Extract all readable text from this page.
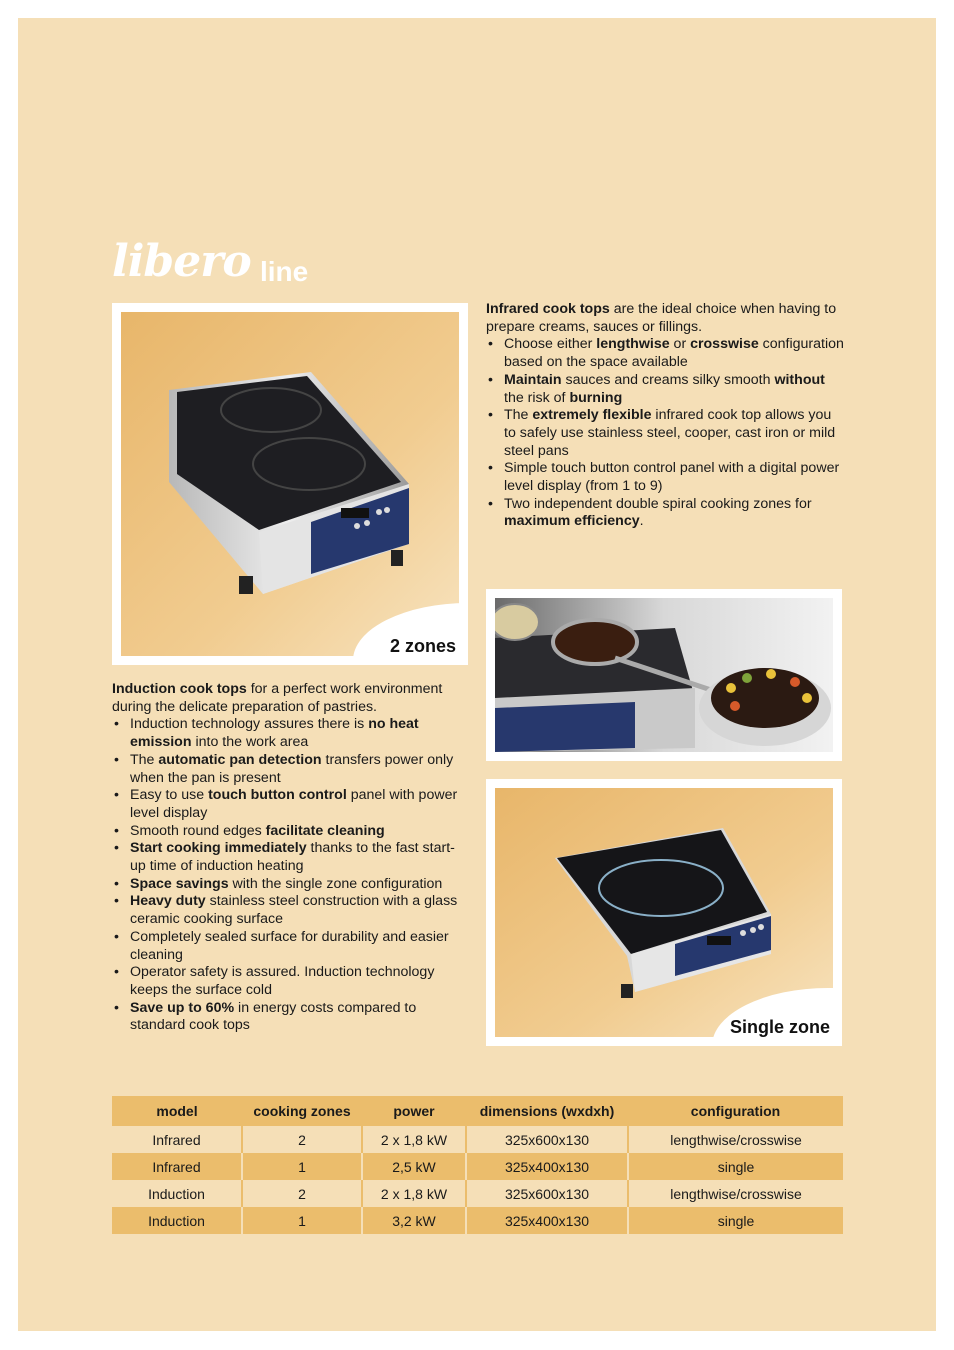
libero line
2 zones

Infrared cook tops are the ideal choice when having to prepare creams, sauces or fillings.

• Choose either lengthwise or crosswise configuration based on the space available
• Maintain sauces and creams silky smooth without the risk of burning
• The extremely flexible infrared cook top allows you to safely use stainless steel, cooper, cast iron or mild steel pans
• Simple touch button control panel with a digital power level display (from 1 to 9)
• Two independent double spiral cooking zones for maximum efficiency.
Single zone

Induction cook tops for a perfect work environment during the delicate preparation of pastries.

• Induction technology assures there is no heat emission into the work area
• The automatic pan detection transfers power only when the pan is present
• Easy to use touch button control panel with power level display
• Smooth round edges facilitate cleaning
• Start cooking immediately thanks to the fast start-up time of induction heating
• Space savings with the single zone configuration
• Heavy duty stainless steel construction with a glass ceramic cooking surface
• Completely sealed surface for durability and easier cleaning
• Operator safety is assured. Induction technology keeps the surface cold
• Save up to 60% in energy costs compared to standard cook tops
model	cooking zones	power	dimensions (wxdxh)	configuration
Infrared	2	2 x 1,8 kW	325x600x130	lengthwise/crosswise
Infrared	1	2,5 kW	325x400x130	single
Induction	2	2 x 1,8 kW	325x600x130	lengthwise/crosswise
Induction	1	3,2 kW	325x400x130	single
